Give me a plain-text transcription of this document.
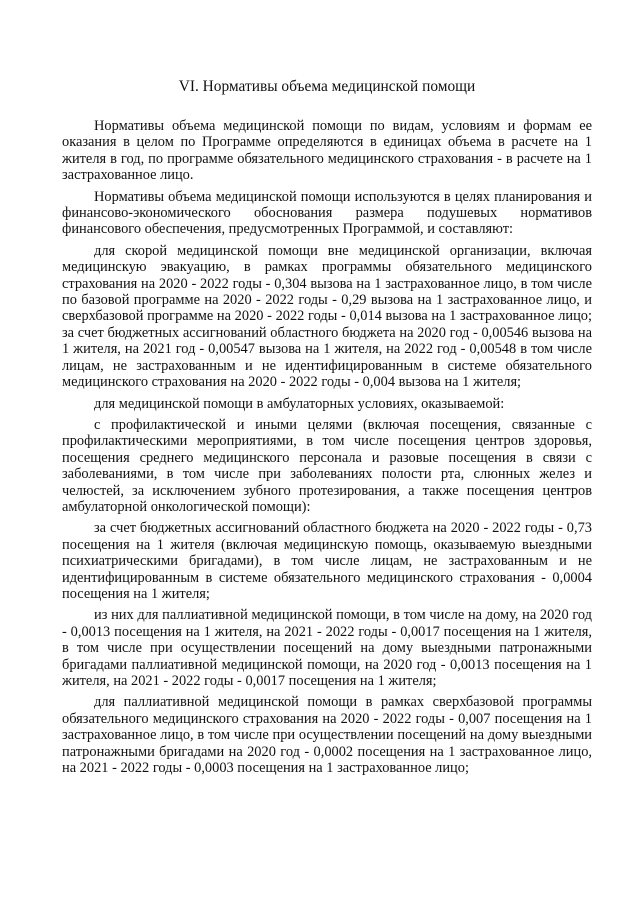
VI. Нормативы объема медицинской помощи

Нормативы объема медицинской помощи по видам, условиям и формам ее оказания в целом по Программе определяются в единицах объема в расчете на 1 жителя в год, по программе обязательного медицинского страхования - в расчете на 1 застрахованное лицо.

Нормативы объема медицинской помощи используются в целях планирования и финансово-экономического обоснования размера подушевых нормативов финансового обеспечения, предусмотренных Программой, и составляют:

для скорой медицинской помощи вне медицинской организации, включая медицинскую эвакуацию, в рамках программы обязательного медицинского страхования на 2020 - 2022 годы - 0,304 вызова на 1 застрахованное лицо, в том числе по базовой программе на 2020 - 2022 годы - 0,29 вызова на 1 застрахованное лицо, и сверхбазовой программе на 2020 - 2022 годы - 0,014 вызова на 1 застрахованное лицо; за счет бюджетных ассигнований областного бюджета на 2020 год - 0,00546 вызова на 1 жителя, на 2021 год - 0,00547 вызова на 1 жителя, на 2022 год - 0,00548 в том числе лицам, не застрахованным и не идентифицированным в системе обязательного медицинского страхования на 2020 - 2022 годы - 0,004 вызова на 1 жителя;

для медицинской помощи в амбулаторных условиях, оказываемой:

с профилактической и иными целями (включая посещения, связанные с профилактическими мероприятиями, в том числе посещения центров здоровья, посещения среднего медицинского персонала и разовые посещения в связи с заболеваниями, в том числе при заболеваниях полости рта, слюнных желез и челюстей, за исключением зубного протезирования, а также посещения центров амбулаторной онкологической помощи):

за счет бюджетных ассигнований областного бюджета на 2020 - 2022 годы - 0,73 посещения на 1 жителя (включая медицинскую помощь, оказываемую выездными психиатрическими бригадами), в том числе лицам, не застрахованным и не идентифицированным в системе обязательного медицинского страхования - 0,0004 посещения на 1 жителя;

из них для паллиативной медицинской помощи, в том числе на дому, на 2020 год - 0,0013 посещения на 1 жителя, на 2021 - 2022 годы - 0,0017 посещения на 1 жителя, в том числе при осуществлении посещений на дому выездными патронажными бригадами паллиативной медицинской помощи, на 2020 год - 0,0013 посещения на 1 жителя, на 2021 - 2022 годы - 0,0017 посещения на 1 жителя;

для паллиативной медицинской помощи в рамках сверхбазовой программы обязательного медицинского страхования на 2020 - 2022 годы - 0,007 посещения на 1 застрахованное лицо, в том числе при осуществлении посещений на дому выездными патронажными бригадами на 2020 год - 0,0002 посещения на 1 застрахованное лицо, на 2021 - 2022 годы - 0,0003 посещения на 1 застрахованное лицо;
